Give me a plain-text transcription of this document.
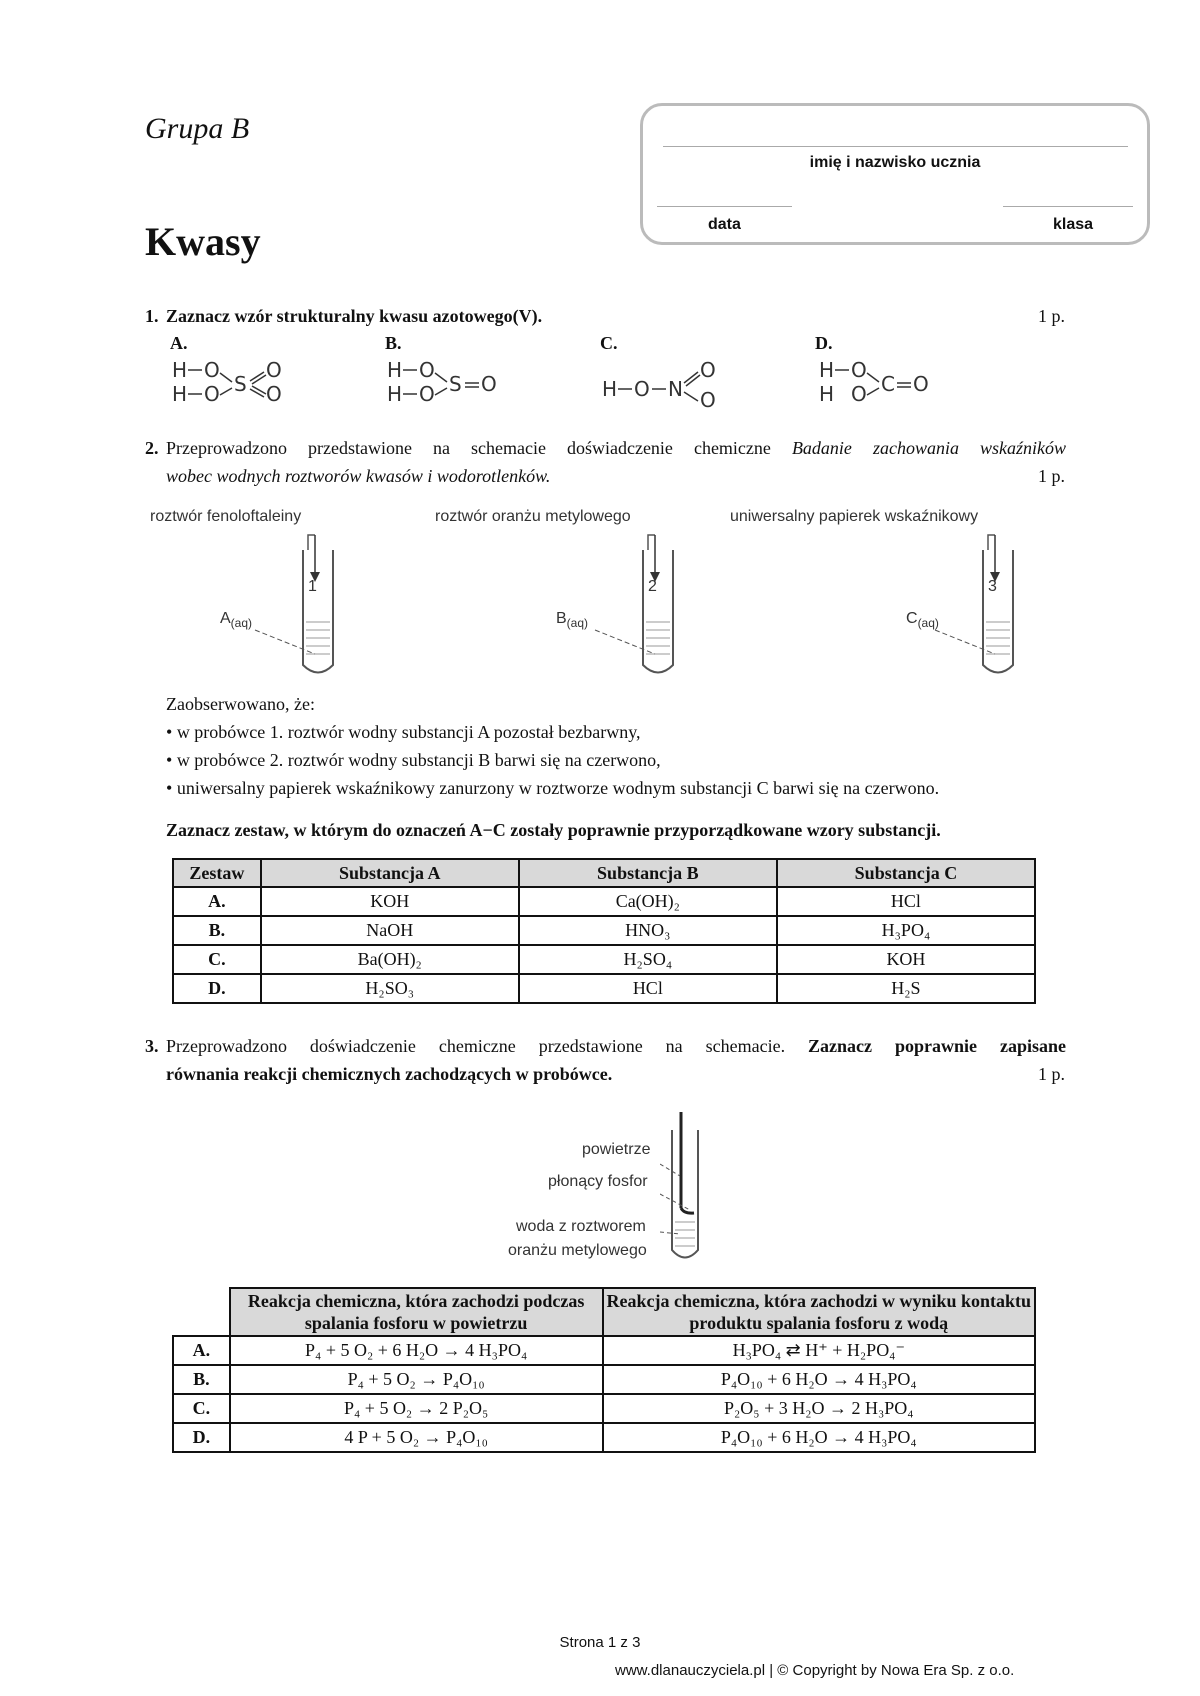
Grupa B
Kwasy
imię i nazwisko ucznia
data	klasa
1. Zaznacz wzór strukturalny kwasu azotowego(V).	1 p.
A.	B.	C.	D.
H O
H O S
O
O
H O
H O S O	H O N
O
O
H O
H O C O
2. Przeprowadzono przedstawione na schemacie doświadczenie chemiczne Badanie zachowania wskaźników
wobec wodnych roztworów kwasów i wodorotlenków.	1 p.
roztwór fenoloftaleiny	roztwór oranżu metylowego	uniwersalny papierek wskaźnikowy
1	2	3
$A_{(aq)}$	$B_{(aq)}$	$C_{(aq)}$
Zaobserwowano, że:
• w probówce 1. roztwór wodny substancji A pozostał bezbarwny,
• w probówce 2. roztwór wodny substancji B barwi się na czerwono,
• uniwersalny papierek wskaźnikowy zanurzony w roztworze wodnym substancji C barwi się na czerwono.
Zaznacz zestaw, w którym do oznaczeń A−C zostały poprawnie przyporządkowane wzory substancji.
Zestaw	Substancja A	Substancja B	Substancja C
A.	KOH	Ca(OH)₂	HCl
B.	NaOH	HNO₃	H₃PO₄
C.	Ba(OH)₂	H₂SO₄	KOH
D.	H₂SO₃	HCl	H₂S
3. Przeprowadzono doświadczenie chemiczne przedstawione na schemacie. Zaznacz poprawnie zapisane
równania reakcji chemicznych zachodzących w probówce.	1 p.
powietrze
płonący fosfor
woda z roztworem
oranżu metylowego
	Reakcja chemiczna, która zachodzi podczas spalania fosforu w powietrzu	Reakcja chemiczna, która zachodzi w wyniku kontaktu produktu spalania fosforu z wodą
A.	P₄ + 5 O₂ + 6 H₂O → 4 H₃PO₄	H₃PO₄ ⇄ H⁺ + H₂PO₄⁻
B.	P₄ + 5 O₂ → P₄O₁₀	P₄O₁₀ + 6 H₂O → 4 H₃PO₄
C.	P₄ + 5 O₂ → 2 P₂O₅	P₂O₅ + 3 H₂O → 2 H₃PO₄
D.	4 P + 5 O₂ → P₄O₁₀	P₄O₁₀ + 6 H₂O → 4 H₃PO₄
Strona 1 z 3
www.dlanauczyciela.pl | © Copyright by Nowa Era Sp. z o.o.
